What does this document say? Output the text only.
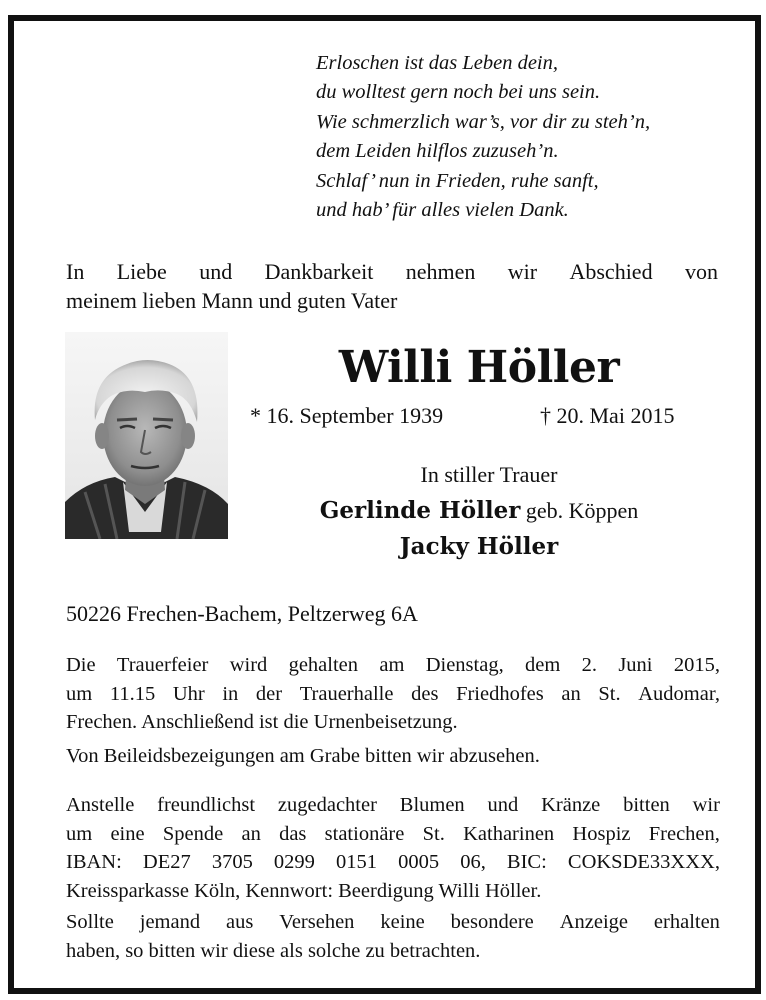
Erloschen ist das Leben dein,
du wolltest gern noch bei uns sein.
Wie schmerzlich war’s, vor dir zu steh’n,
dem Leiden hilflos zuzuseh’n.
Schlaf’ nun in Frieden, ruhe sanft,
und hab’ für alles vielen Dank.
In Liebe und Dankbarkeit nehmen wir Abschied von
meinem lieben Mann und guten Vater
Willi Höller
* 16. September 1939	† 20. Mai 2015
In stiller Trauer
Gerlinde Höller geb. Köppen
Jacky Höller
50226 Frechen-Bachem, Peltzerweg 6A
Die Trauerfeier wird gehalten am Dienstag, dem 2. Juni 2015,
um 11.15 Uhr in der Trauerhalle des Friedhofes an St. Audomar,
Frechen. Anschließend ist die Urnenbeisetzung.
Von Beileidsbezeigungen am Grabe bitten wir abzusehen.
Anstelle freundlichst zugedachter Blumen und Kränze bitten wir
um eine Spende an das stationäre St. Katharinen Hospiz Frechen,
IBAN: DE27 3705 0299 0151 0005 06, BIC: COKSDE33XXX,
Kreissparkasse Köln, Kennwort: Beerdigung Willi Höller.
Sollte jemand aus Versehen keine besondere Anzeige erhalten
haben, so bitten wir diese als solche zu betrachten.
